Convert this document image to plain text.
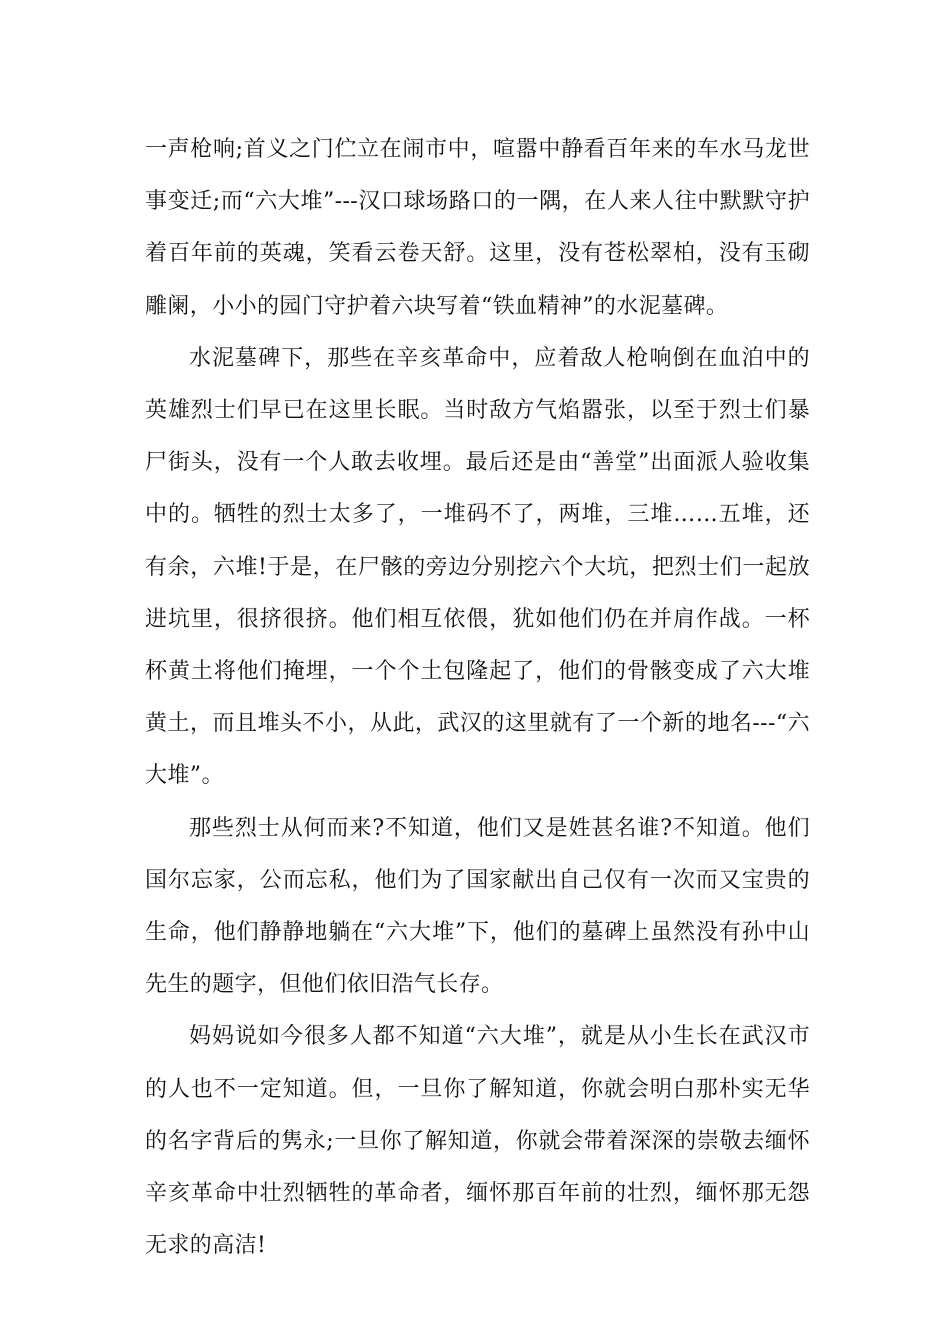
一声枪响;首义之门伫立在闹市中，喧嚣中静看百年来的车水马龙世事变迁;而“六大堆”---汉口球场路口的一隅，在人来人往中默默守护着百年前的英魂，笑看云卷天舒。这里，没有苍松翠柏，没有玉砌雕阑，小小的园门守护着六块写着“铁血精神”的水泥墓碑。

水泥墓碑下，那些在辛亥革命中，应着敌人枪响倒在血泊中的英雄烈士们早已在这里长眠。当时敌方气焰嚣张，以至于烈士们暴尸街头，没有一个人敢去收埋。最后还是由“善堂”出面派人验收集中的。牺牲的烈士太多了，一堆码不了，两堆，三堆……五堆，还有余，六堆!于是，在尸骸的旁边分别挖六个大坑，把烈士们一起放进坑里，很挤很挤。他们相互依偎，犹如他们仍在并肩作战。一杯杯黄土将他们掩埋，一个个土包隆起了，他们的骨骸变成了六大堆黄土，而且堆头不小，从此，武汉的这里就有了一个新的地名---“六大堆”。

那些烈士从何而来?不知道，他们又是姓甚名谁?不知道。他们国尔忘家，公而忘私，他们为了国家献出自己仅有一次而又宝贵的生命，他们静静地躺在“六大堆”下，他们的墓碑上虽然没有孙中山先生的题字，但他们依旧浩气长存。

妈妈说如今很多人都不知道“六大堆”，就是从小生长在武汉市的人也不一定知道。但，一旦你了解知道，你就会明白那朴实无华的名字背后的隽永;一旦你了解知道，你就会带着深深的崇敬去缅怀辛亥革命中壮烈牺牲的革命者，缅怀那百年前的壮烈，缅怀那无怨无求的高洁!
